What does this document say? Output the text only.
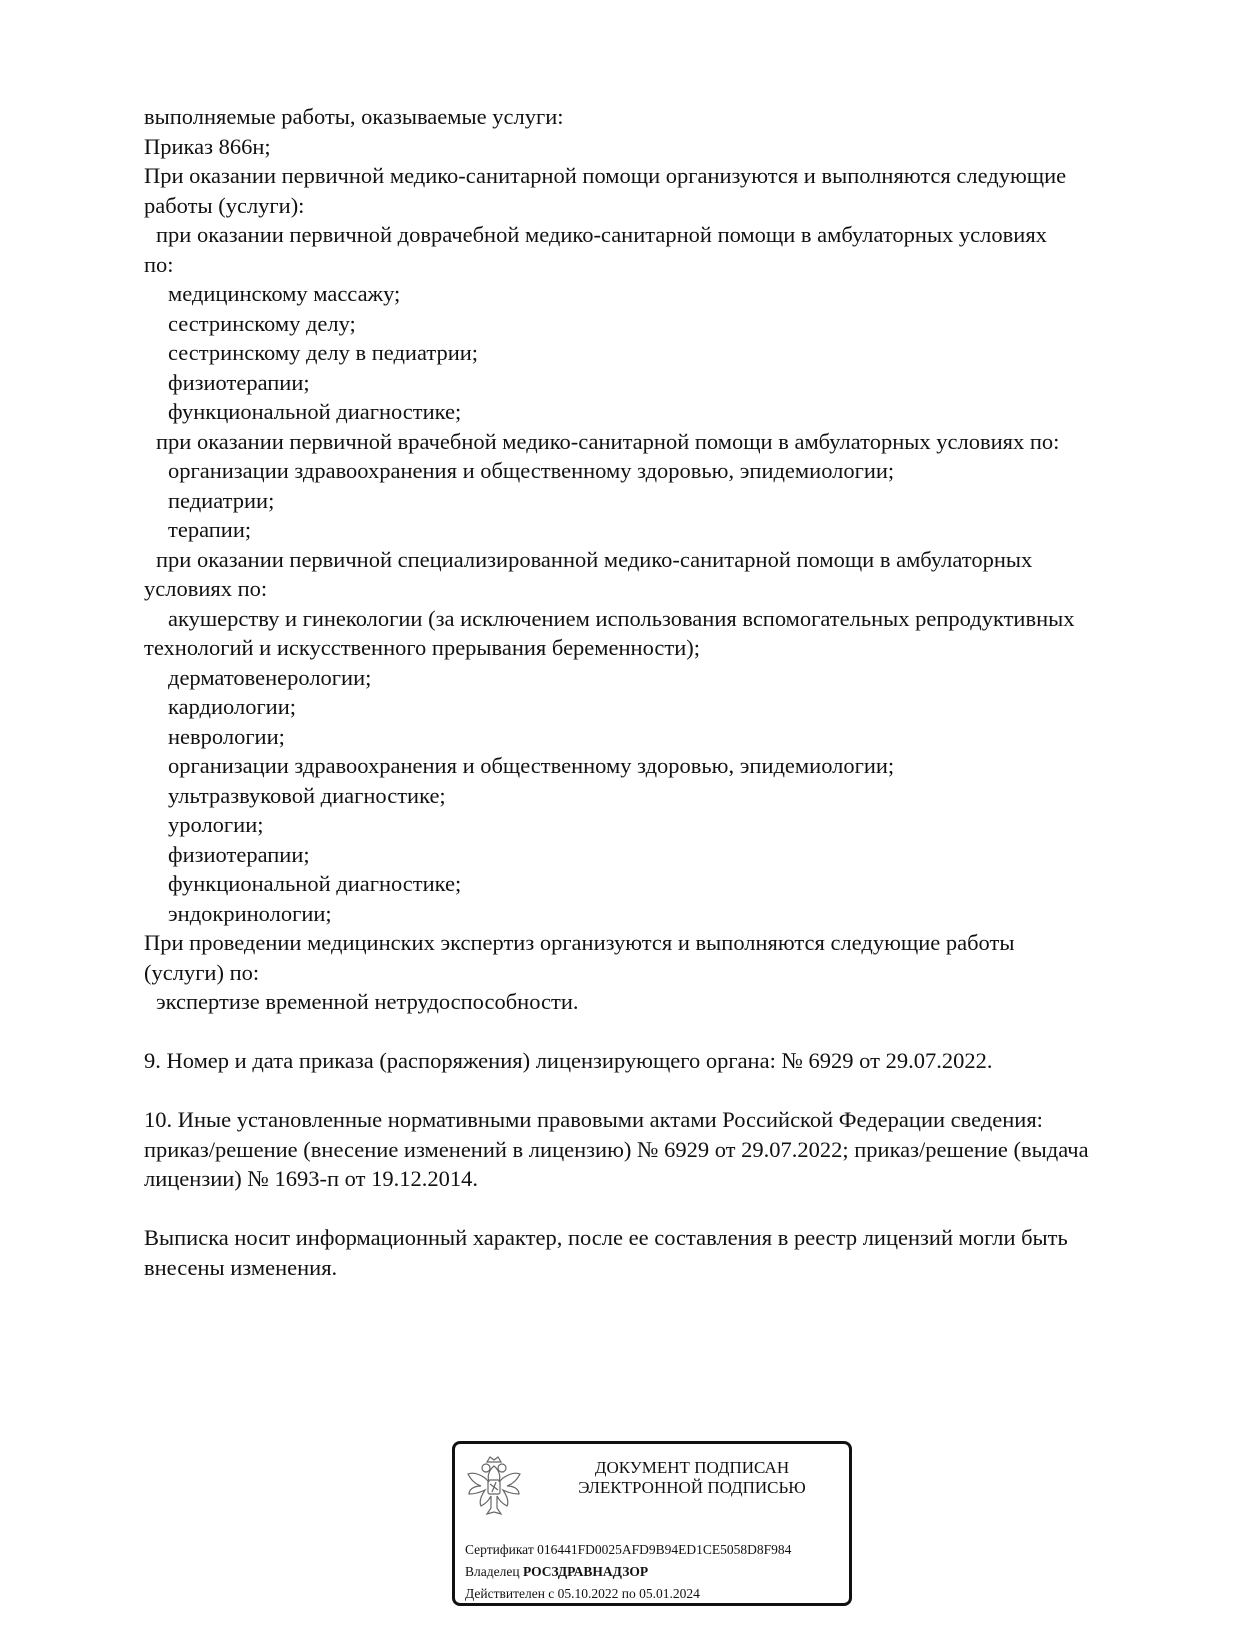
выполняемые работы, оказываемые услуги:
Приказ 866н;
При оказании первичной медико-санитарной помощи организуются и выполняются следующие
работы (услуги):
при оказании первичной доврачебной медико-санитарной помощи в амбулаторных условиях
по:
медицинскому массажу;
сестринскому делу;
сестринскому делу в педиатрии;
физиотерапии;
функциональной диагностике;
при оказании первичной врачебной медико-санитарной помощи в амбулаторных условиях по:
организации здравоохранения и общественному здоровью, эпидемиологии;
педиатрии;
терапии;
при оказании первичной специализированной медико-санитарной помощи в амбулаторных
условиях по:
акушерству и гинекологии (за исключением использования вспомогательных репродуктивных
технологий и искусственного прерывания беременности);
дерматовенерологии;
кардиологии;
неврологии;
организации здравоохранения и общественному здоровью, эпидемиологии;
ультразвуковой диагностике;
урологии;
физиотерапии;
функциональной диагностике;
эндокринологии;
При проведении медицинских экспертиз организуются и выполняются следующие работы
(услуги) по:
экспертизе временной нетрудоспособности.
9. Номер и дата приказа (распоряжения) лицензирующего органа: № 6929 от 29.07.2022.
10. Иные установленные нормативными правовыми актами Российской Федерации сведения:
приказ/решение (внесение изменений в лицензию) № 6929 от 29.07.2022; приказ/решение (выдача
лицензии) № 1693-п от 19.12.2014.
Выписка носит информационный характер, после ее составления в реестр лицензий могли быть
внесены изменения.
ДОКУМЕНТ ПОДПИСАН
ЭЛЕКТРОННОЙ ПОДПИСЬЮ
Сертификат 016441FD0025AFD9B94ED1CE5058D8F984
Владелец РОСЗДРАВНАДЗОР
Действителен с 05.10.2022 по 05.01.2024
